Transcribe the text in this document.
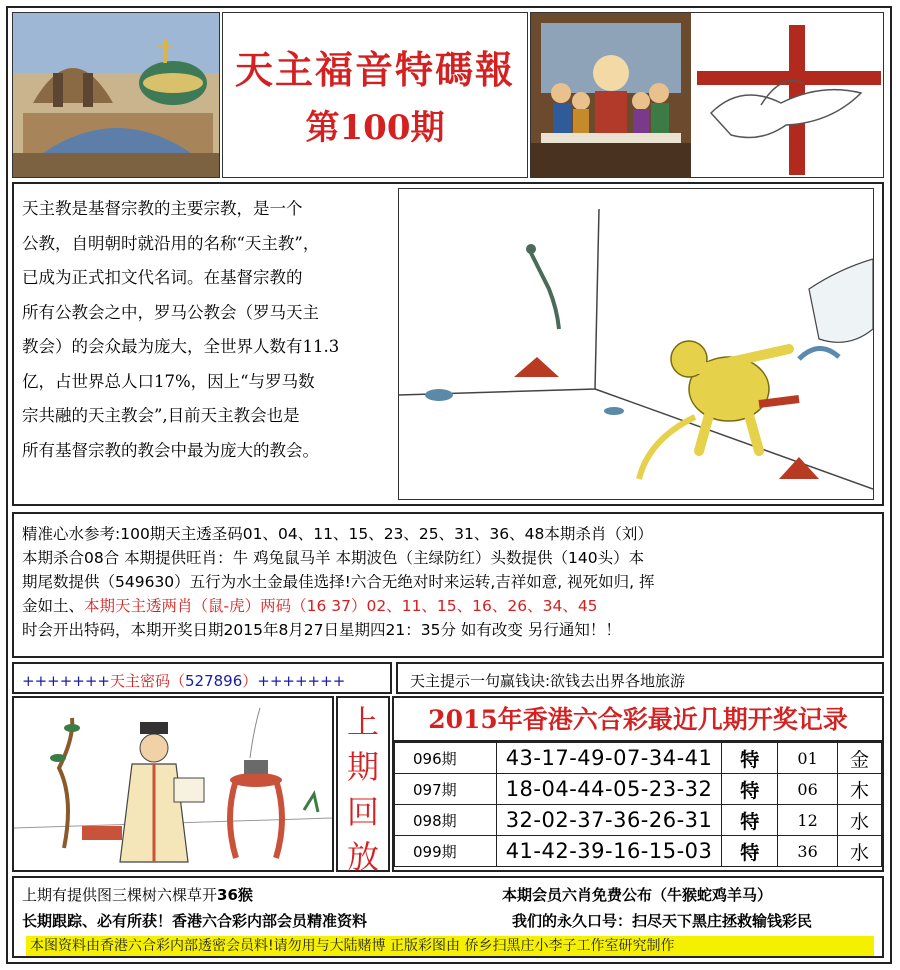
天主福音特碼報
第100期

天主教是基督宗教的主要宗教，是一个

公教，自明朝时就沿用的名称“天主教”，

已成为正式扣文代名词。在基督宗教的

所有公教会之中，罗马公教会（罗马天主

教会）的会众最为庞大，全世界人数有11.3

亿，占世界总人口17%，因上“与罗马数

宗共融的天主教会”,目前天主教会也是

所有基督宗教的教会中最为庞大的教会。

精准心水参考:100期天主透圣码01、04、11、15、23、25、31、36、48本期杀肖（刘）

本期杀合08合 本期提供旺肖：牛 鸡兔鼠马羊 本期波色（主绿防红）头数提供（140头）本

期尾数提供（549630）五行为水土金最佳选择!六合无绝对时来运转,吉祥如意, 视死如归, 挥

金如土、本期天主透两肖（鼠-虎）两码（16 37）02、11、15、16、26、34、45

时会开出特码，本期开奖日期2015年8月27日星期四21：35分 如有改变 另行通知！！

+++++++天主密码（527896）+++++++	天主提示一句赢钱诀:欲钱去出界各地旅游
上
期
回
放
2015年香港六合彩最近几期开奖记录
096期	43-17-49-07-34-41	特	01	金
097期	18-04-44-05-23-32	特	06	木
098期	32-02-37-36-26-31	特	12	水
099期	41-42-39-16-15-03	特	36	水
上期有提供图三棵树六棵草开36猴	本期会员六肖免费公布（牛猴蛇鸡羊马）
长期跟踪、必有所获！香港六合彩内部会员精准资料	我们的永久口号：扫尽天下黑庄拯救输钱彩民
本图资料由香港六合彩内部透密会员料!请勿用与大陆赌博 正版彩图由 侨乡扫黑庄小李子工作室研究制作
